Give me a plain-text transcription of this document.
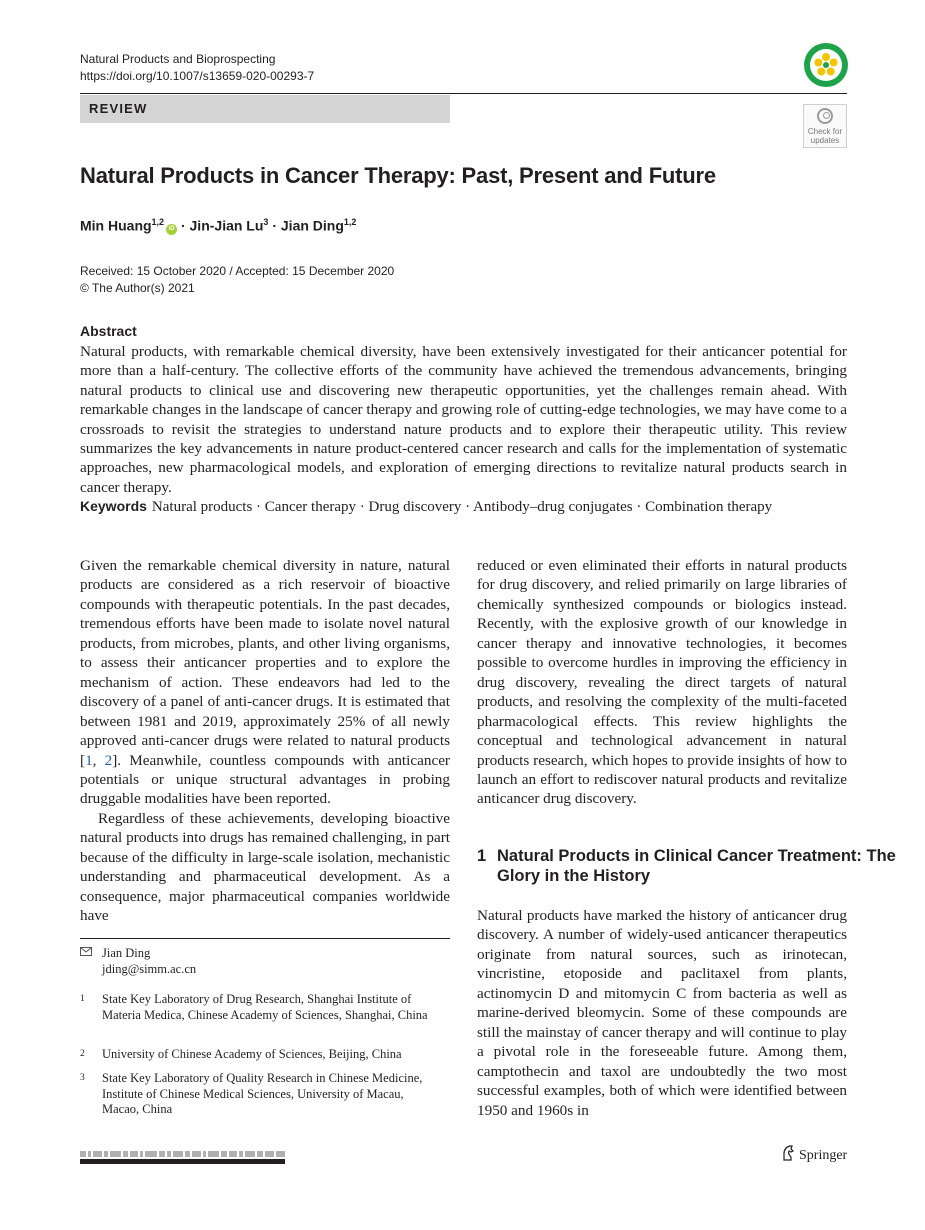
Natural Products and Bioprospecting
https://doi.org/10.1007/s13659-020-00293-7
REVIEW
Check for
updates
Natural Products in Cancer Therapy: Past, Present and Future
Min Huang$^{1,2}$iD · Jin-Jian $Lu^3$ · Jian Ding$^{1,2}$
Received: 15 October 2020 / Accepted: 15 December 2020
© The Author(s) 2021
Abstract
Natural products, with remarkable chemical diversity, have been extensively investigated for their anticancer potential for more than a half-century. The collective efforts of the community have achieved the tremendous advancements, bringing natural products to clinical use and discovering new therapeutic opportunities, yet the challenges remain ahead. With remarkable changes in the landscape of cancer therapy and growing role of cutting-edge technologies, we may have come to a crossroads to revisit the strategies to understand nature products and to explore their therapeutic utility. This review summarizes the key advancements in nature product-centered cancer research and calls for the implementation of systematic approaches, new pharmacological models, and exploration of emerging directions to revitalize natural products search in cancer therapy.
Keywords Natural products · Cancer therapy · Drug discovery · Antibody–drug conjugates · Combination therapy

Given the remarkable chemical diversity in nature, natural products are considered as a rich reservoir of bioactive compounds with therapeutic potentials. In the past decades, tremendous efforts have been made to isolate novel natural products, from microbes, plants, and other living organisms, to assess their anticancer properties and to explore the mechanism of action. These endeavors had led to the discovery of a panel of anti-cancer drugs. It is estimated that between 1981 and 2019, approximately 25% of all newly approved anti-cancer drugs were related to natural products [1, 2]. Meanwhile, countless compounds with anticancer potentials or unique structural advantages in probing druggable modalities have been reported.

Regardless of these achievements, developing bioactive natural products into drugs has remained challenging, in part because of the difficulty in large-scale isolation, mechanistic understanding and pharmaceutical development. As a consequence, major pharmaceutical companies worldwide have

reduced or even eliminated their efforts in natural products for drug discovery, and relied primarily on large libraries of chemically synthesized compounds or biologics instead. Recently, with the explosive growth of our knowledge in cancer therapy and innovative technologies, it becomes possible to overcome hurdles in improving the efficiency in drug discovery, revealing the direct targets of natural products, and resolving the complexity of the multi-faceted pharmacological effects. This review highlights the conceptual and technological advancement in natural products research, which hopes to provide insights of how to launch an effort to rediscover natural products and revitalize anticancer drug discovery.

1 Natural Products in Clinical Cancer Treatment: The Glory in the History

Natural products have marked the history of anticancer drug discovery. A number of widely-used anticancer therapeutics originate from natural sources, such as irinotecan, vincristine, etoposide and paclitaxel from plants, actinomycin D and mitomycin C from bacteria as well as marine-derived bleomycin. Some of these compounds are still the mainstay of cancer therapy and will continue to play a pivotal role in the foreseeable future. Among them, camptothecin and taxol are undoubtedly the two most successful examples, both of which were identified between 1950 and 1960s in

Jian Ding
jding@simm.ac.cn
1 State Key Laboratory of Drug Research, Shanghai Institute of Materia Medica, Chinese Academy of Sciences, Shanghai, China
2 University of Chinese Academy of Sciences, Beijing, China
3 State Key Laboratory of Quality Research in Chinese Medicine, Institute of Chinese Medical Sciences, University of Macau, Macao, China
Springer
